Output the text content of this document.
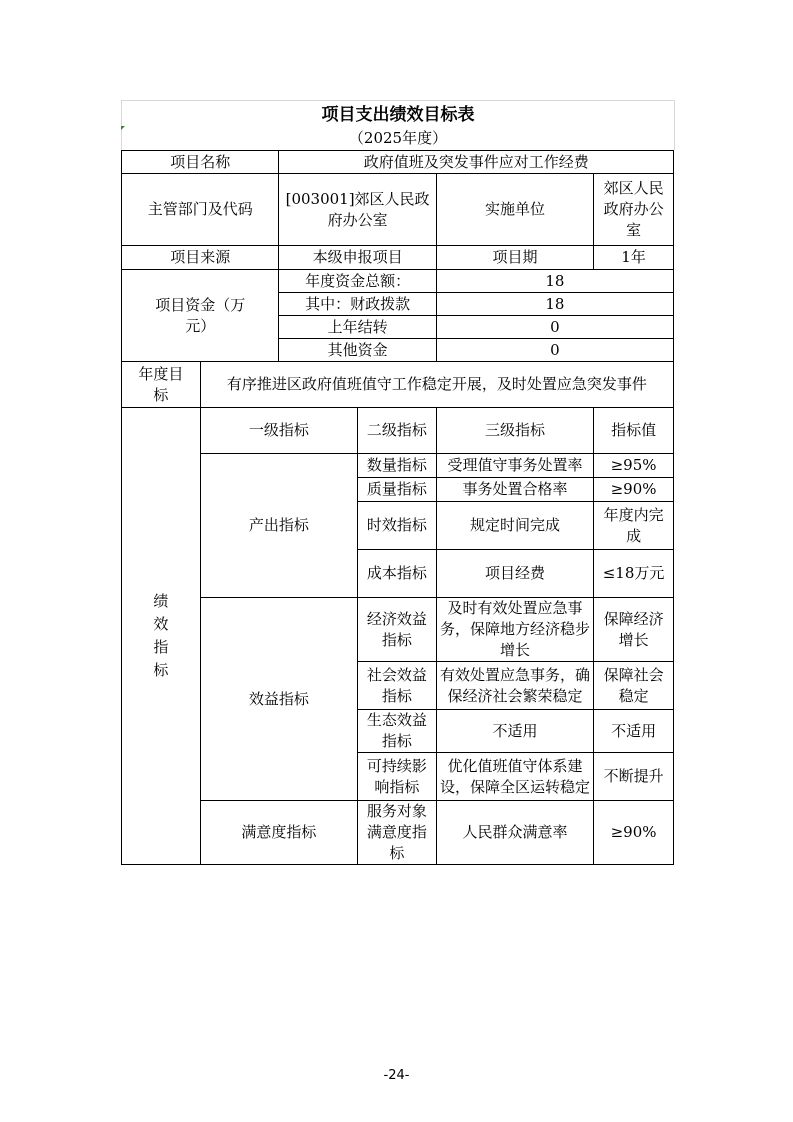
项目支出绩效目标表
（2025年度）
项目名称		政府值班及突发事件应对工作经费			
主管部门及代码		[003001]郊区人民政府办公室		实施单位	郊区人民政府办公室
项目来源		本级申报项目		项目期	1年
项目资金（万元）		年度资金总额：		18	
		其中：财政拨款		18	
		上年结转		0	
		其他资金		0	
年度目标	有序推进区政府值班值守工作稳定开展，及时处置应急突发事件				
绩效指标	一级指标		二级指标	三级指标	指标值
	产出指标		数量指标	受理值守事务处置率	≥95%
			质量指标	事务处置合格率	≥90%
			时效指标	规定时间完成	年度内完成
			成本指标	项目经费	≤18万元
	效益指标		经济效益指标	及时有效处置应急事务，保障地方经济稳步增长	保障经济增长
			社会效益指标	有效处置应急事务，确保经济社会繁荣稳定	保障社会稳定
			生态效益指标	不适用	不适用
			可持续影响指标	优化值班值守体系建设，保障全区运转稳定	不断提升
	满意度指标		服务对象满意度指标	人民群众满意率	≥90%
-24-
